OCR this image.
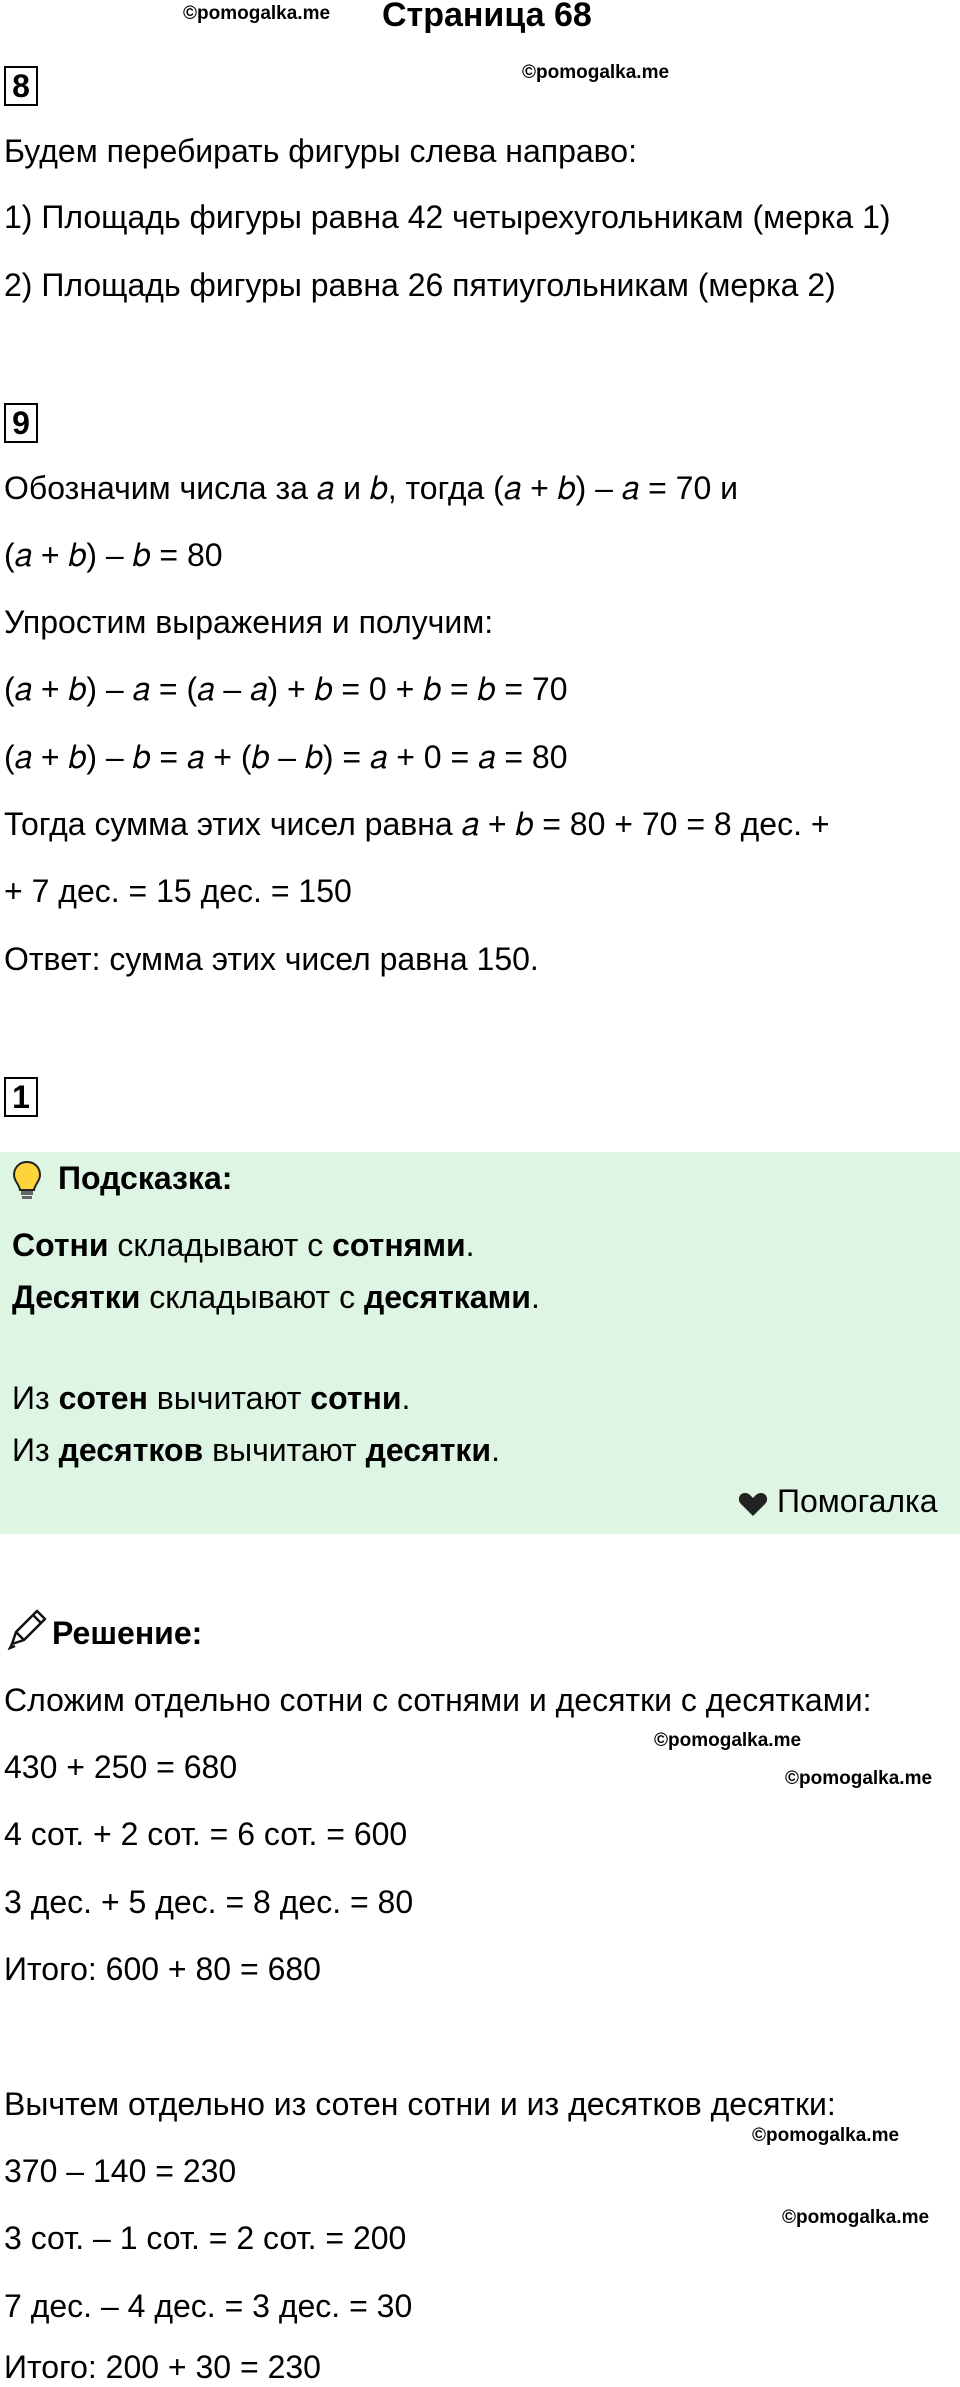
©pomogalka.me Страница 68
8	©pomogalka.me
Будем перебирать фигуры слева направо:
1) Площадь фигуры равна 42 четырехугольникам (мерка 1)
2) Площадь фигуры равна 26 пятиугольникам (мерка 2)
9
Обозначим числа за 𝑎 и 𝑏, тогда (𝑎 + 𝑏) – 𝑎 = 70 и
(𝑎 + 𝑏) – 𝑏 = 80
Упростим выражения и получим:
(𝑎 + 𝑏) – 𝑎 = (𝑎 – 𝑎) + 𝑏 = 0 + 𝑏 = 𝑏 = 70
(𝑎 + 𝑏) – 𝑏 = 𝑎 + (𝑏 – 𝑏) = 𝑎 + 0 = 𝑎 = 80
Тогда сумма этих чисел равна 𝑎 + 𝑏 = 80 + 70 = 8 дес. +
+ 7 дес. = 15 дес. = 150
Ответ: сумма этих чисел равна 150.
1
Подсказка:
Сотни складывают с сотнями.
Десятки складывают с десятками.
Из сотен вычитают сотни.
Из десятков вычитают десятки.
Помогалка
Решение:
Сложим отдельно сотни с сотнями и десятки с десятками:
©pomogalka.me
430 + 250 = 680	©pomogalka.me
4 сот. + 2 сот. = 6 сот. = 600
3 дес. + 5 дес. = 8 дес. = 80
Итого: 600 + 80 = 680
Вычтем отдельно из сотен сотни и из десятков десятки:
©pomogalka.me
370 – 140 = 230
©pomogalka.me
3 сот. – 1 сот. = 2 сот. = 200
7 дес. – 4 дес. = 3 дес. = 30
Итого: 200 + 30 = 230
